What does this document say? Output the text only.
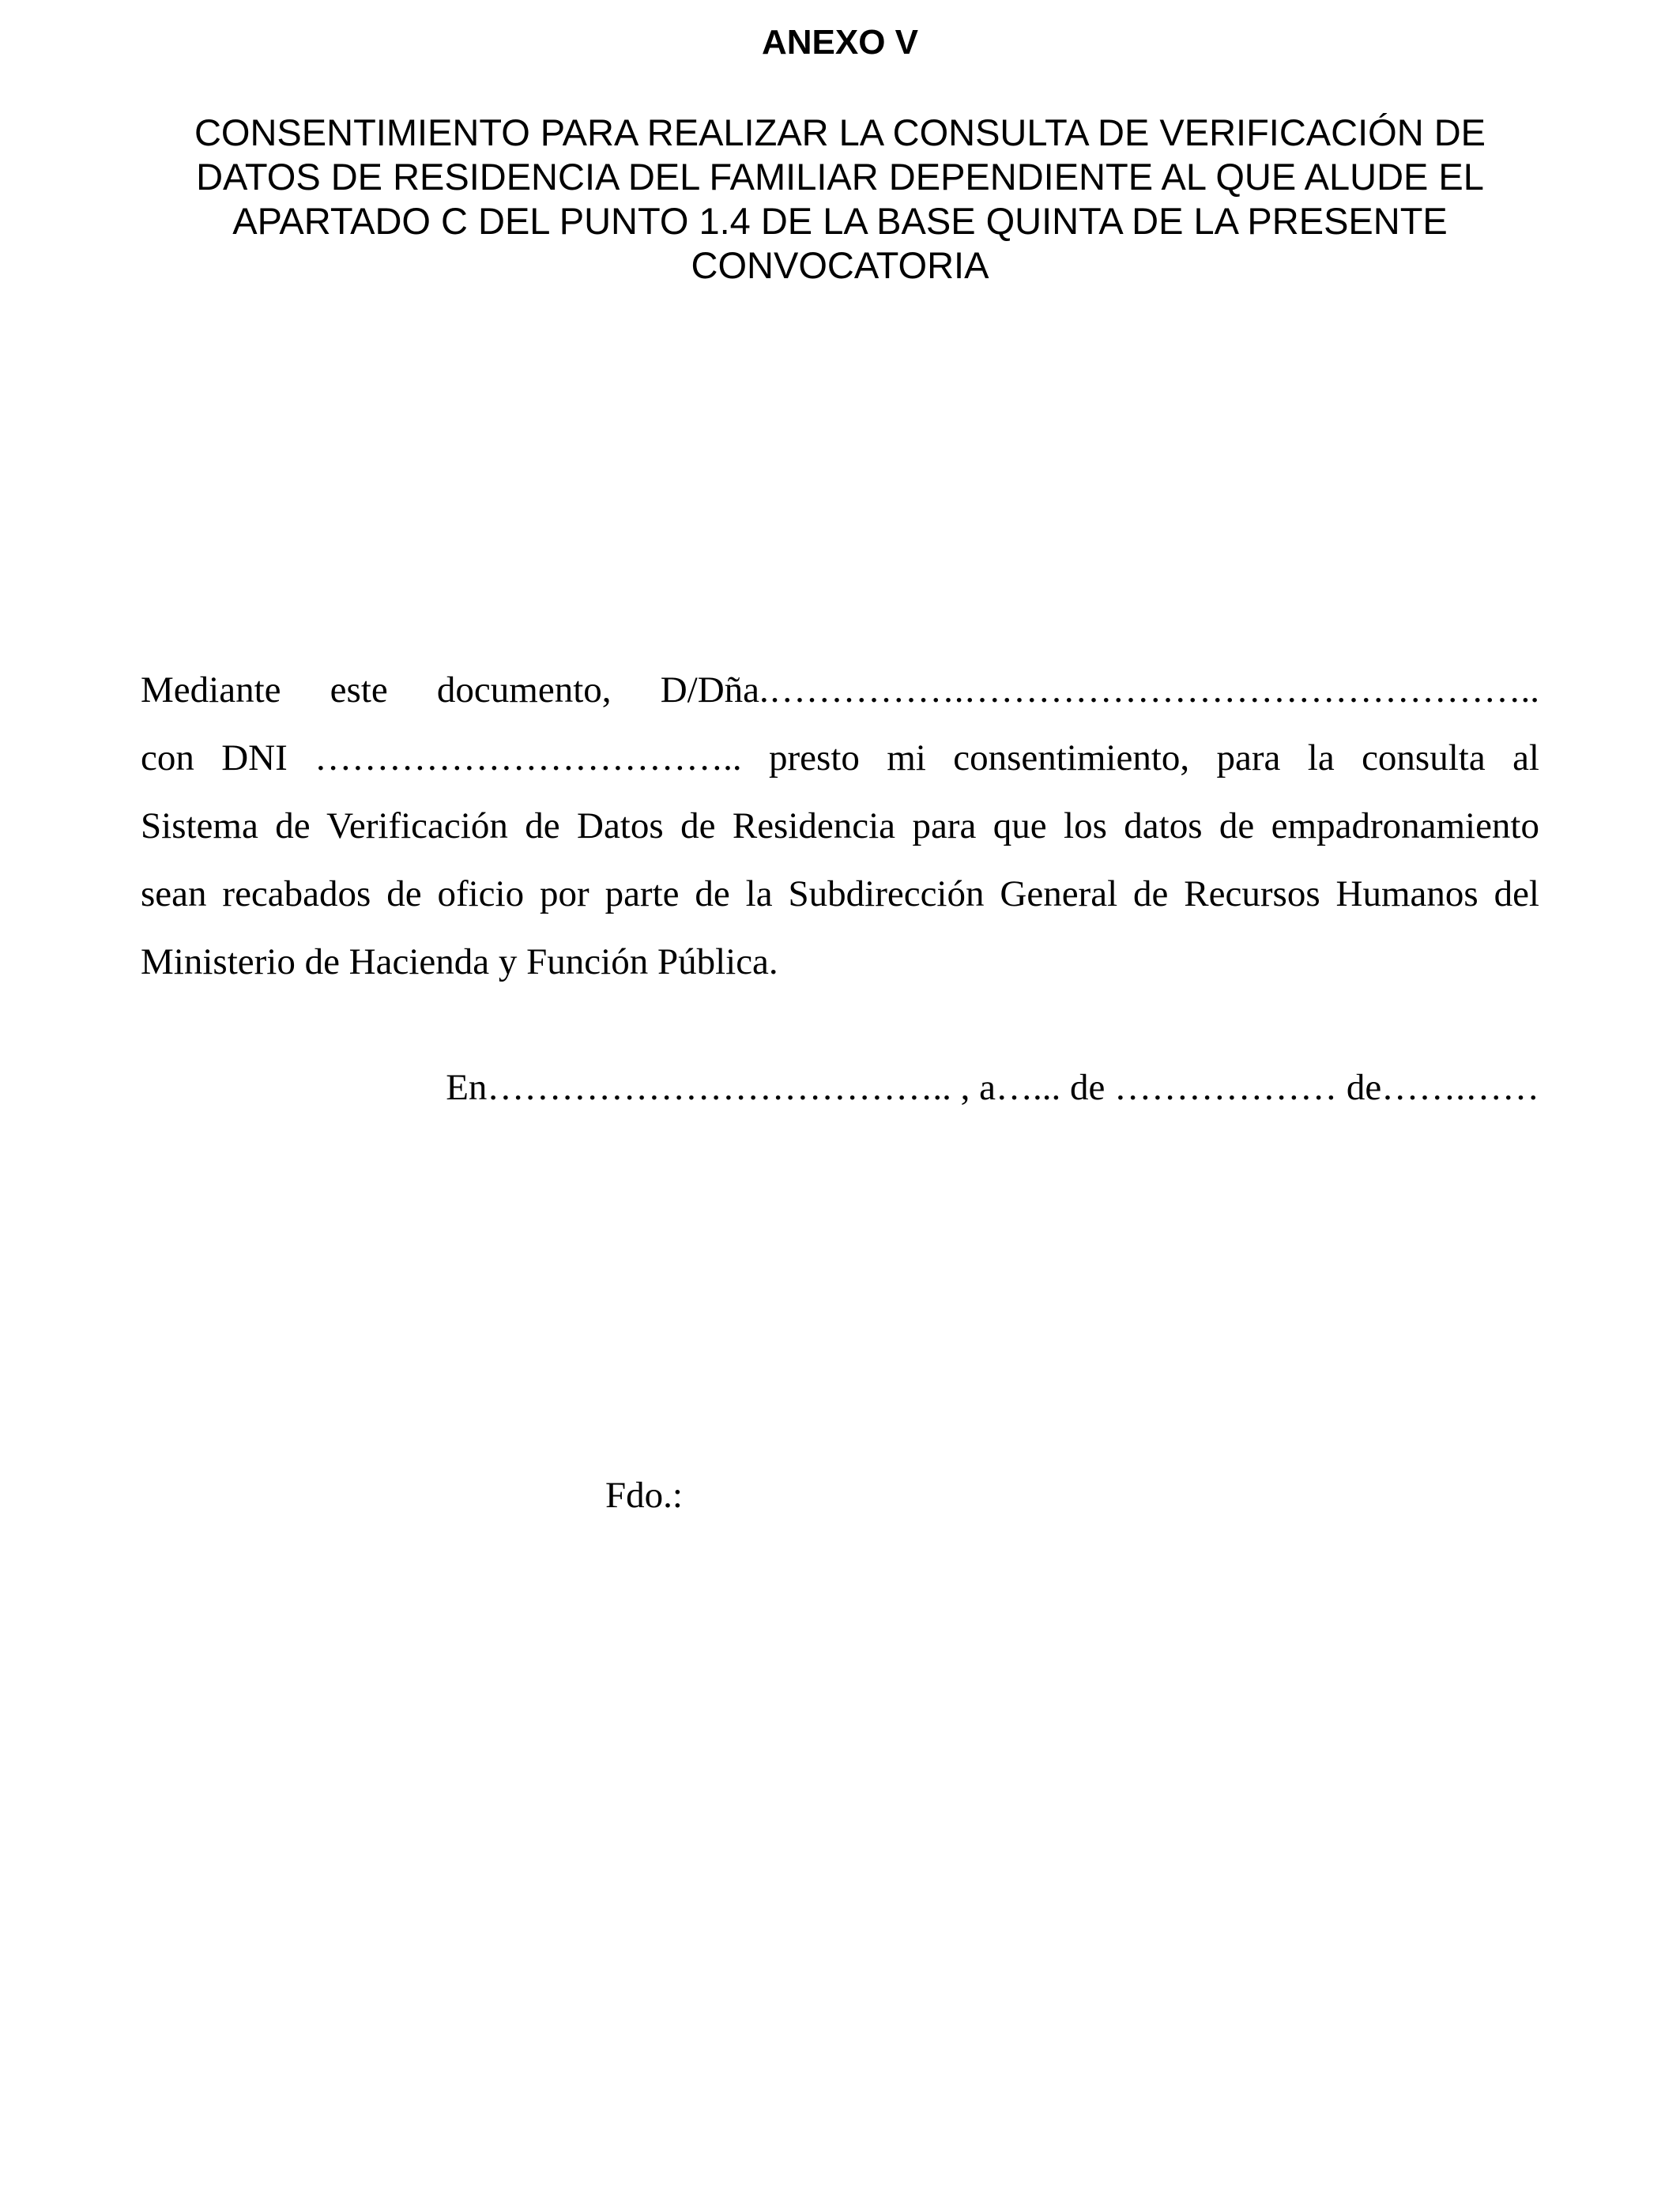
ANEXO V
CONSENTIMIENTO PARA REALIZAR LA CONSULTA DE VERIFICACIÓN DE
DATOS DE RESIDENCIA DEL FAMILIAR DEPENDIENTE AL QUE ALUDE EL
APARTADO C DEL PUNTO 1.4 DE LA BASE QUINTA DE LA PRESENTE
CONVOCATORIA
Mediante este documento, D/Dña.…………….………………………………………..
con DNI …………………………….. presto mi consentimiento, para la consulta al
Sistema de Verificación de Datos de Residencia para que los datos de empadronamiento
sean recabados de oficio por parte de la Subdirección General de Recursos Humanos del
Ministerio de Hacienda y Función Pública.
En……………………………….. , a…... de ……………… de…….……
Fdo.:
